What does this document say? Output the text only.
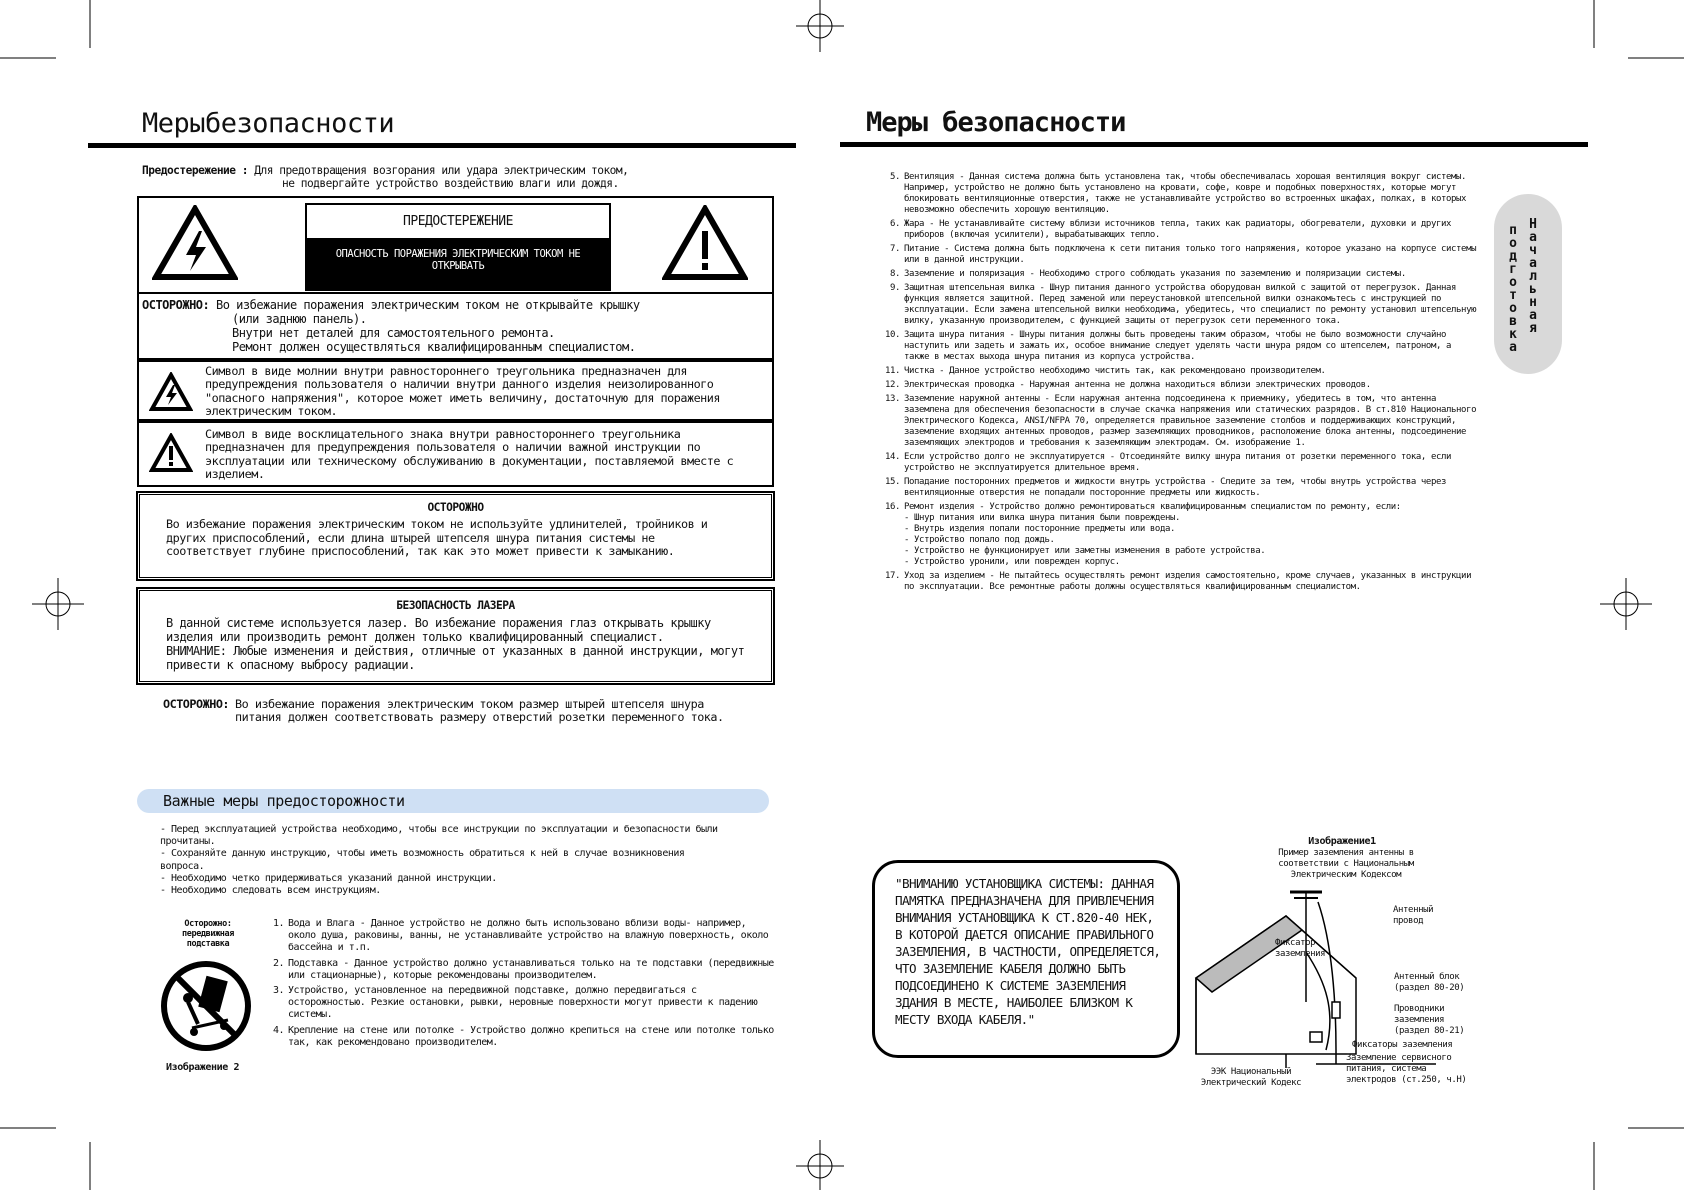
Мерыбезопасности
Предостережение : Для предотвращения возгорания или удара электрическим током,
не подвергайте устройство воздействию влаги или дождя.
ПРЕДОСТЕРЕЖЕНИЕ
ОПАСНОСТЬ ПОРАЖЕНИЯ ЭЛЕКТРИЧЕСКИМ ТОКОМ НЕ ОТКРЫВАТЬ
ОСТОРОЖНО: Во избежание поражения электрическим током не открывайте крышку
(или заднюю панель).
Внутри нет деталей для самостоятельного ремонта.
Ремонт должен осуществляться квалифицированным специалистом.
Символ в виде молнии внутри равностороннего треугольника предназначен для предупреждения пользователя о наличии внутри данного изделия неизолированного "опасного напряжения", которое может иметь величину, достаточную для поражения электрическим током.
Символ в виде восклицательного знака внутри равностороннего треугольника предназначен для предупреждения пользователя о наличии важной инструкции по эксплуатации или техническому обслуживанию в документации, поставляемой вместе с изделием.
ОСТОРОЖНО
Во избежание поражения электрическим током не используйте удлинителей, тройников и других приспособлений, если длина штырей штепселя шнура питания системы не соответствует глубине приспособлений, так как это может привести к замыканию.
БЕЗОПАСНОСТЬ ЛАЗЕРА
В данной системе используется лазер. Во избежание поражения глаз открывать крышку изделия или производить ремонт должен только квалифицированный специалист.
ВНИМАНИЕ: Любые изменения и действия, отличные от указанных в данной инструкции, могут привести к опасному выбросу радиации.
ОСТОРОЖНО: Во избежание поражения электрическим током размер штырей штепселя шнура питания должен соответствовать размеру отверстий розетки переменного тока.
Важные меры предосторожности
- Перед эксплуатацией устройства необходимо, чтобы все инструкции по эксплуатации и безопасности были прочитаны.
- Сохраняйте данную инструкцию, чтобы иметь возможность обратиться к ней в случае возникновения вопроса.
- Необходимо четко придерживаться указаний данной инструкции.
- Необходимо следовать всем инструкциям.
Осторожно: передвижная подставка
Изображение 2
1. Вода и Влага - Данное устройство не должно быть использовано вблизи воды- например, около душа, раковины, ванны, не устанавливайте устройство на влажную поверхность, около бассейна и т.п.
2. Подставка - Данное устройство должно устанавливаться только на те подставки (передвижные или стационарные), которые рекомендованы производителем.
3. Устройство, установленное на передвижной подставке, должно передвигаться с осторожностью. Резкие остановки, рывки, неровные поверхности могут привести к падению системы.
4. Крепление на стене или потолке - Устройство должно крепиться на стене или потолке только так, как рекомендовано производителем.
Меры безопасности
подготовка
Начальная
5. Вентиляция - Данная система должна быть установлена так, чтобы обеспечивалась хорошая вентиляция вокруг системы. Например, устройство не должно быть установлено на кровати, софе, ковре и подобных поверхностях, которые могут блокировать вентиляционные отверстия, также не устанавливайте устройство во встроенных шкафах, полках, в которых невозможно обеспечить хорошую вентиляцию.
6. Жара - Не устанавливайте систему вблизи источников тепла, таких как радиаторы, обогреватели, духовки и других приборов (включая усилители), вырабатывающих тепло.
7. Питание - Система должна быть подключена к сети питания только того напряжения, которое указано на корпусе системы или в данной инструкции.
8. Заземление и поляризация - Необходимо строго соблюдать указания по заземлению и поляризации системы.
9. Защитная штепсельная вилка - Шнур питания данного устройства оборудован вилкой с защитой от перегрузок. Данная функция является защитной. Перед заменой или переустановкой штепсельной вилки ознакомьтесь с инструкцией по эксплуатации. Если замена штепсельной вилки необходима, убедитесь, что специалист по ремонту установил штепсельную вилку, указанную производителем, с функцией защиты от перегрузок сети переменного тока.
10. Защита шнура питания - Шнуры питания должны быть проведены таким образом, чтобы не было возможности случайно наступить или задеть и зажать их, особое внимание следует уделять части шнура рядом со штепселем, патроном, а также в местах выхода шнура питания из корпуса устройства.
11. Чистка - Данное устройство необходимо чистить так, как рекомендовано производителем.
12. Электрическая проводка - Наружная антенна не должна находиться вблизи электрических проводов.
13. Заземление наружной антенны - Если наружная антенна подсоединена к приемнику, убедитесь в том, что антенна заземлена для обеспечения безопасности в случае скачка напряжения или статических разрядов. В ст.810 Национального Электрического Кодекса, ANSI/NFPA 70, определяется правильное заземление столбов и поддерживающих конструкций, заземление входящих антенных проводов, размер заземляющих проводников, расположение блока антенны, подсоединение заземляющих электродов и требования к заземляющим электродам. См. изображение 1.
14. Если устройство долго не эксплуатируется - Отсоединяйте вилку шнура питания от розетки переменного тока, если устройство не эксплуатируется длительное время.
15. Попадание посторонних предметов и жидкости внутрь устройства - Следите за тем, чтобы внутрь устройства через вентиляционные отверстия не попадали посторонние предметы или жидкость.
16. Ремонт изделия - Устройство должно ремонтироваться квалифицированным специалистом по ремонту, если:
- Шнур питания или вилка шнура питания были повреждены.
- Внутрь изделия попали посторонние предметы или вода.
- Устройство попало под дождь.
- Устройство не функционирует или заметны изменения в работе устройства.
- Устройство уронили, или поврежден корпус.
17. Уход за изделием - Не пытайтесь осуществлять ремонт изделия самостоятельно, кроме случаев, указанных в инструкции по эксплуатации. Все ремонтные работы должны осуществляться квалифицированным специалистом.
"ВНИМАНИЮ УСТАНОВЩИКА СИСТЕМЫ: ДАННАЯ ПАМЯТКА ПРЕДНАЗНАЧЕНА ДЛЯ ПРИВЛЕЧЕНИЯ ВНИМАНИЯ УСТАНОВЩИКА К СТ.820-40 НЕК, В КОТОРОЙ ДАЕТСЯ ОПИСАНИЕ ПРАВИЛЬНОГО ЗАЗЕМЛЕНИЯ, В ЧАСТНОСТИ, ОПРЕДЕЛЯЕТСЯ, ЧТО ЗАЗЕМЛЕНИЕ КАБЕЛЯ ДОЛЖНО БЫТЬ ПОДСОЕДИНЕНО К СИСТЕМЕ ЗАЗЕМЛЕНИЯ ЗДАНИЯ В МЕСТЕ, НАИБОЛЕЕ БЛИЗКОМ К МЕСТУ ВХОДА КАБЕЛЯ."
Изображение1
Пример заземления антенны в соответствии с Национальным Электрическим Кодексом
Антенный провод
Фиксатор заземления
Антенный блок (раздел 80-20)
Проводники заземления (раздел 80-21)
Фиксаторы заземления
Заземление сервисного питания, система электродов (ст.250, ч.Н)
ЭЭК Национальный Электрический Кодекс
